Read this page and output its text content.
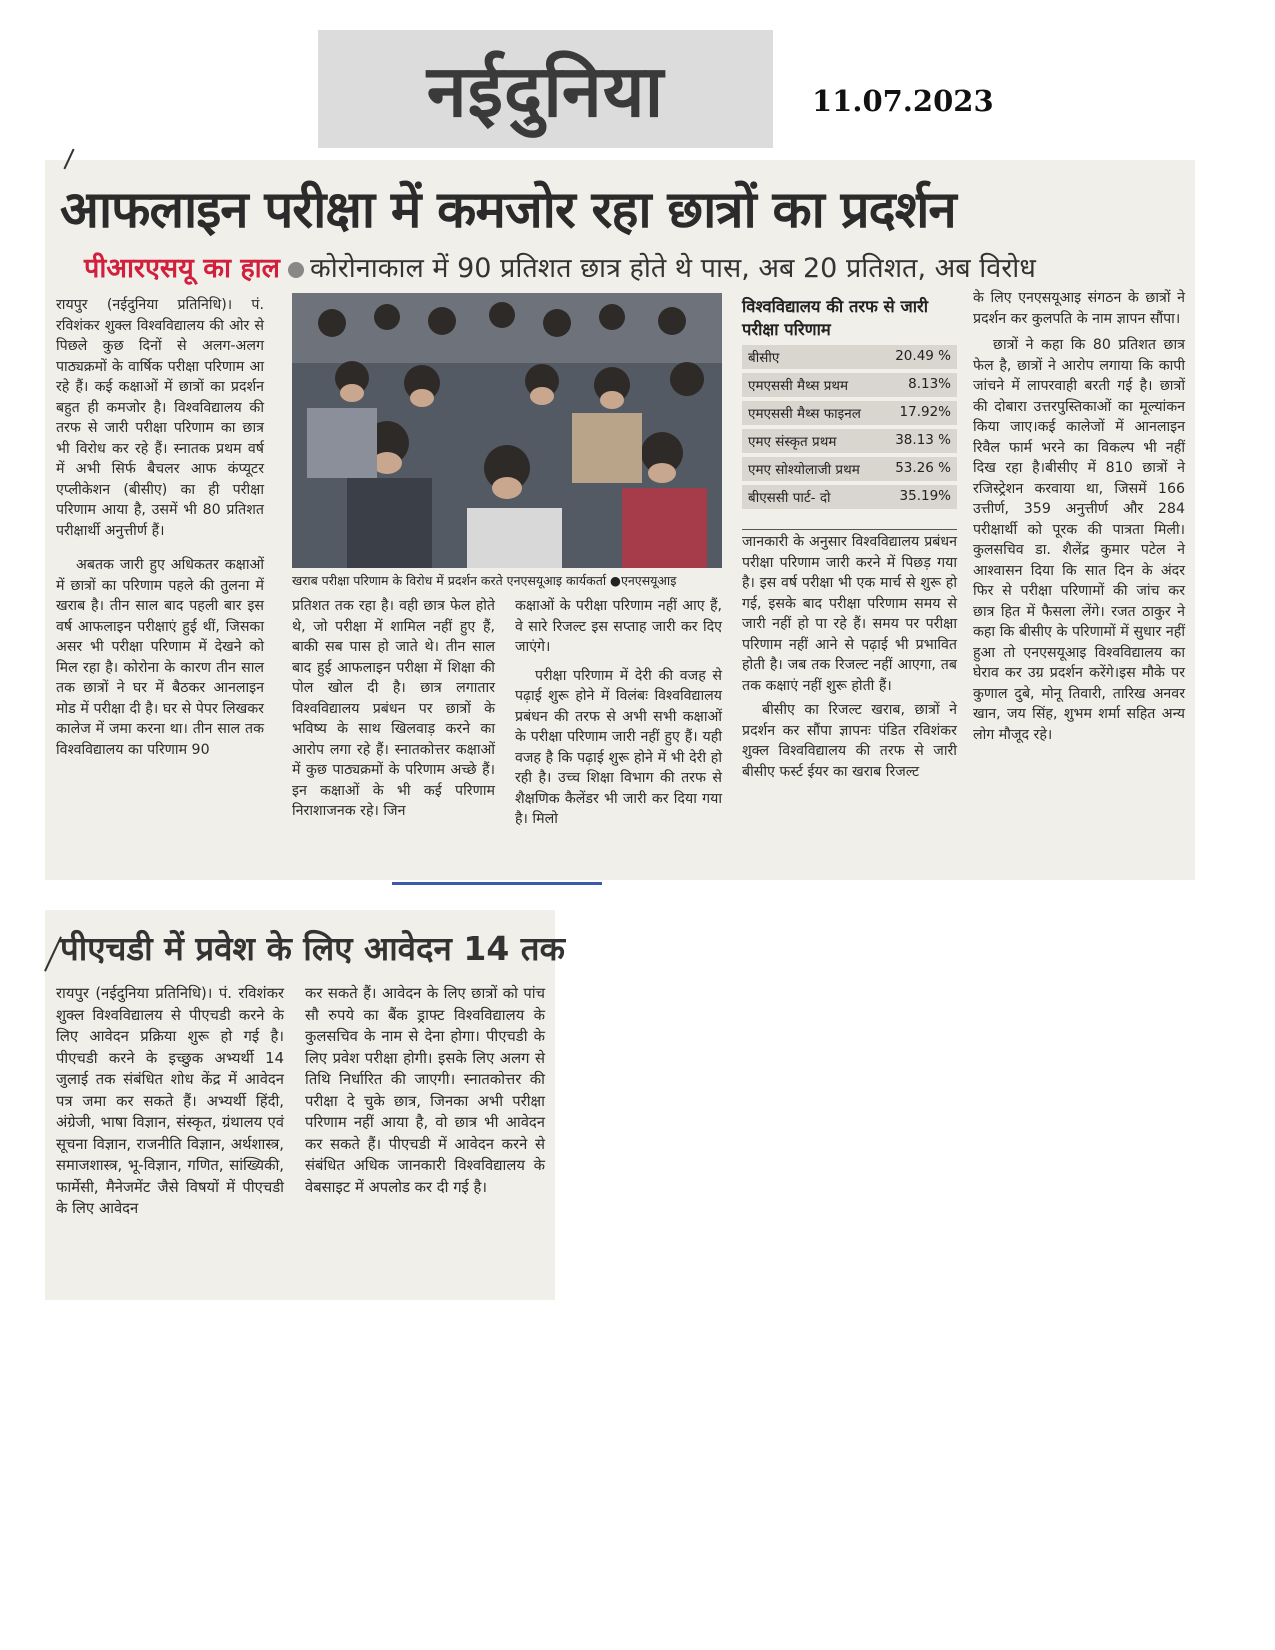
नईदुनिया	11.07.2023
आफलाइन परीक्षा में कमजोर रहा छात्रों का प्रदर्शन
पीआरएसयू का हाल कोरोनाकाल में 90 प्रतिशत छात्र होते थे पास, अब 20 प्रतिशत, अब विरोध

रायपुर (नईदुनिया प्रतिनिधि)। पं. रविशंकर शुक्ल विश्वविद्यालय की ओर से पिछले कुछ दिनों से अलग-अलग पाठ्यक्रमों के वार्षिक परीक्षा परिणाम आ रहे हैं। कई कक्षाओं में छात्रों का प्रदर्शन बहुत ही कमजोर है। विश्वविद्यालय की तरफ से जारी परीक्षा परिणाम का छात्र भी विरोध कर रहे हैं। स्नातक प्रथम वर्ष में अभी सिर्फ बैचलर आफ कंप्यूटर एप्लीकेशन (बीसीए) का ही परीक्षा परिणाम आया है, उसमें भी 80 प्रतिशत परीक्षार्थी अनुत्तीर्ण हैं।

अबतक जारी हुए अधिकतर कक्षाओं में छात्रों का परिणाम पहले की तुलना में खराब है। तीन साल बाद पहली बार इस वर्ष आफलाइन परीक्षाएं हुई थीं, जिसका असर भी परीक्षा परिणाम में देखने को मिल रहा है। कोरोना के कारण तीन साल तक छात्रों ने घर में बैठकर आनलाइन मोड में परीक्षा दी है। घर से पेपर लिखकर कालेज में जमा करना था। तीन साल तक विश्वविद्यालय का परिणाम 90

खराब परीक्षा परिणाम के विरोध में प्रदर्शन करते एनएसयूआइ कार्यकर्ता ●एनएसयूआइ

प्रतिशत तक रहा है। वही छात्र फेल होते थे, जो परीक्षा में शामिल नहीं हुए हैं, बाकी सब पास हो जाते थे। तीन साल बाद हुई आफलाइन परीक्षा में शिक्षा की पोल खोल दी है। छात्र लगातार विश्वविद्यालय प्रबंधन पर छात्रों के भविष्य के साथ खिलवाड़ करने का आरोप लगा रहे हैं। स्नातकोत्तर कक्षाओं में कुछ पाठ्यक्रमों के परिणाम अच्छे हैं। इन कक्षाओं के भी कई परिणाम निराशाजनक रहे। जिन

कक्षाओं के परीक्षा परिणाम नहीं आए हैं, वे सारे रिजल्ट इस सप्ताह जारी कर दिए जाएंगे।

परीक्षा परिणाम में देरी की वजह से पढ़ाई शुरू होने में विलंबः विश्वविद्यालय प्रबंधन की तरफ से अभी सभी कक्षाओं के परीक्षा परिणाम जारी नहीं हुए हैं। यही वजह है कि पढ़ाई शुरू होने में भी देरी हो रही है। उच्च शिक्षा विभाग की तरफ से शैक्षणिक कैलेंडर भी जारी कर दिया गया है। मिलो

विश्वविद्यालय की तरफ से जारी परीक्षा परिणाम
बीसीए	20.49 %
एमएससी मैथ्स प्रथम	8.13%
एमएससी मैथ्स फाइनल	17.92%
एमए संस्कृत प्रथम	38.13 %
एमए सोश्योलाजी प्रथम	53.26 %
बीएससी पार्ट- दो	35.19%

जानकारी के अनुसार विश्वविद्यालय प्रबंधन परीक्षा परिणाम जारी करने में पिछड़ गया है। इस वर्ष परीक्षा भी एक मार्च से शुरू हो गई, इसके बाद परीक्षा परिणाम समय से जारी नहीं हो पा रहे हैं। समय पर परीक्षा परिणाम नहीं आने से पढ़ाई भी प्रभावित होती है। जब तक रिजल्ट नहीं आएगा, तब तक कक्षाएं नहीं शुरू होती हैं।

बीसीए का रिजल्ट खराब, छात्रों ने प्रदर्शन कर सौंपा ज्ञापनः पंडित रविशंकर शुक्ल विश्वविद्यालय की तरफ से जारी बीसीए फर्स्ट ईयर का खराब रिजल्ट

के लिए एनएसयूआइ संगठन के छात्रों ने प्रदर्शन कर कुलपति के नाम ज्ञापन सौंपा।

छात्रों ने कहा कि 80 प्रतिशत छात्र फेल है, छात्रों ने आरोप लगाया कि कापी जांचने में लापरवाही बरती गई है। छात्रों की दोबारा उत्तरपुस्तिकाओं का मूल्यांकन किया जाए।कई कालेजों में आनलाइन रिवैल फार्म भरने का विकल्प भी नहीं दिख रहा है।बीसीए में 810 छात्रों ने रजिस्ट्रेशन करवाया था, जिसमें 166 उत्तीर्ण, 359 अनुत्तीर्ण और 284 परीक्षार्थी को पूरक की पात्रता मिली। कुलसचिव डा. शैलेंद्र कुमार पटेल ने आश्वासन दिया कि सात दिन के अंदर फिर से परीक्षा परिणामों की जांच कर छात्र हित में फैसला लेंगे। रजत ठाकुर ने कहा कि बीसीए के परिणामों में सुधार नहीं हुआ तो एनएसयूआइ विश्वविद्यालय का घेराव कर उग्र प्रदर्शन करेंगे।इस मौके पर कुणाल दुबे, मोनू तिवारी, तारिख अनवर खान, जय सिंह, शुभम शर्मा सहित अन्य लोग मौजूद रहे।

पीएचडी में प्रवेश के लिए आवेदन 14 तक

रायपुर (नईदुनिया प्रतिनिधि)। पं. रविशंकर शुक्ल विश्वविद्यालय से पीएचडी करने के लिए आवेदन प्रक्रिया शुरू हो गई है। पीएचडी करने के इच्छुक अभ्यर्थी 14 जुलाई तक संबंधित शोध केंद्र में आवेदन पत्र जमा कर सकते हैं। अभ्यर्थी हिंदी, अंग्रेजी, भाषा विज्ञान, संस्कृत, ग्रंथालय एवं सूचना विज्ञान, राजनीति विज्ञान, अर्थशास्त्र, समाजशास्त्र, भू-विज्ञान, गणित, सांख्यिकी, फार्मेसी, मैनेजमेंट जैसे विषयों में पीएचडी के लिए आवेदन

कर सकते हैं। आवेदन के लिए छात्रों को पांच सौ रुपये का बैंक ड्राफ्ट विश्वविद्यालय के कुलसचिव के नाम से देना होगा। पीएचडी के लिए प्रवेश परीक्षा होगी। इसके लिए अलग से तिथि निर्धारित की जाएगी। स्नातकोत्तर की परीक्षा दे चुके छात्र, जिनका अभी परीक्षा परिणाम नहीं आया है, वो छात्र भी आवेदन कर सकते हैं। पीएचडी में आवेदन करने से संबंधित अधिक जानकारी विश्वविद्यालय के वेबसाइट में अपलोड कर दी गई है।
